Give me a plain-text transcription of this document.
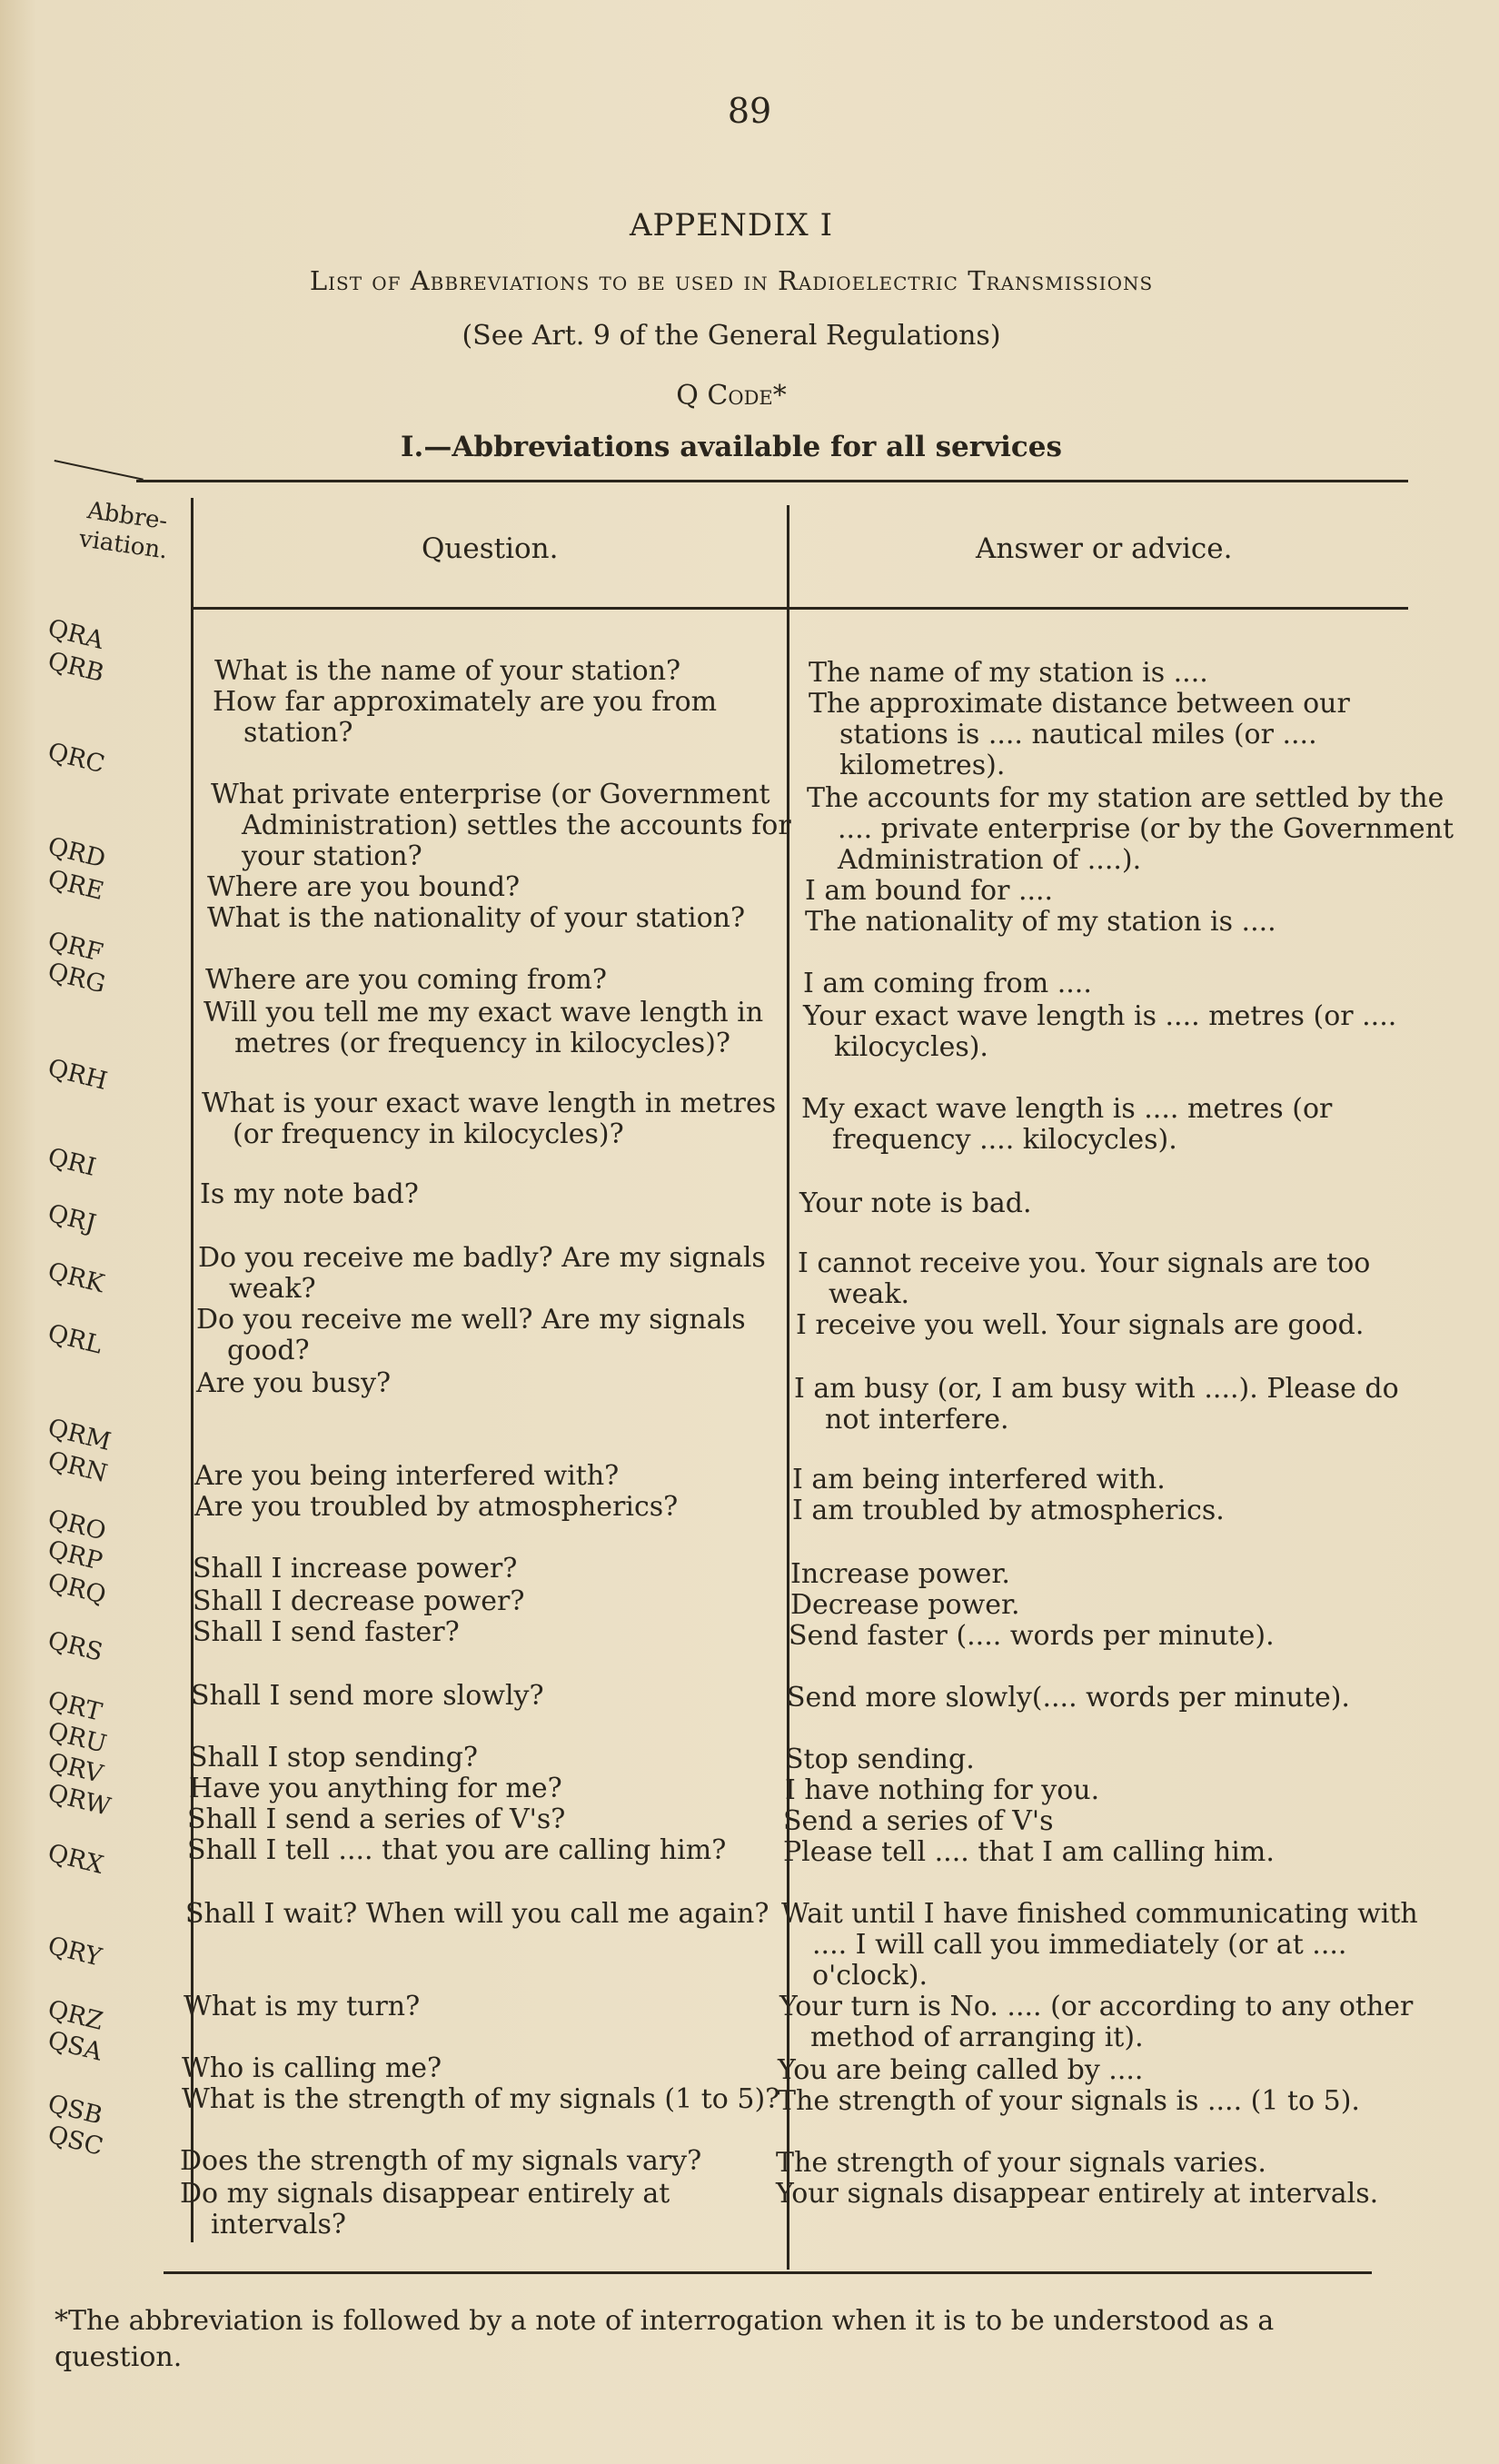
89
APPENDIX I
List of Abbreviations to be used in Radioelectric Transmissions
(See Art. 9 of the General Regulations)
Q Code*
I.—Abbreviations available for all services
Abbre-viation.	Question.	Answer or advice.
QRA
QRB
QRC
QRD
QRE
QRF
QRG
QRH
QRI
QRJ
QRK
QRL
QRM
QRN
QRO
QRP
QRQ
QRS
QRT
QRU
QRV
QRW
QRX
QRY
QRZ
QSA
QSB
QSC
What is the name of your station?
How far approximately are you from station?
What private enterprise (or Government Administration) settles the accounts for your station?
Where are you bound?
What is the nationality of your station?
Where are you coming from?
Will you tell me my exact wave length in metres (or frequency in kilocycles)?
What is your exact wave length in metres (or frequency in kilocycles)?
Is my note bad?
Do you receive me badly? Are my signals weak?
Do you receive me well? Are my signals good?
Are you busy?
Are you being interfered with?
Are you troubled by atmospherics?
Shall I increase power?
Shall I decrease power?
Shall I send faster?
Shall I send more slowly?
Shall I stop sending?
Have you anything for me?
Shall I send a series of V's?
Shall I tell .... that you are calling him?
Shall I wait? When will you call me again?
What is my turn?
Who is calling me?
What is the strength of my signals (1 to 5)?
Does the strength of my signals vary?
Do my signals disappear entirely at intervals?
The name of my station is ....
The approximate distance between our stations is .... nautical miles (or .... kilometres).
The accounts for my station are settled by the .... private enterprise (or by the Government Administration of ....).
I am bound for ....
The nationality of my station is ....
I am coming from ....
Your exact wave length is .... metres (or .... kilocycles).
My exact wave length is .... metres (or frequency .... kilocycles).
Your note is bad.
I cannot receive you. Your signals are too weak.
I receive you well. Your signals are good.
I am busy (or, I am busy with ....). Please do not interfere.
I am being interfered with.
I am troubled by atmospherics.
Increase power.
Decrease power.
Send faster (.... words per minute).
Send more slowly(.... words per minute).
Stop sending.
I have nothing for you.
Send a series of V's
Please tell .... that I am calling him.
Wait until I have finished communicating with .... I will call you immediately (or at .... o'clock).
Your turn is No. .... (or according to any other method of arranging it).
You are being called by ....
The strength of your signals is .... (1 to 5).
The strength of your signals varies.
Your signals disappear entirely at intervals.
*The abbreviation is followed by a note of interrogation when it is to be understood as a question.
